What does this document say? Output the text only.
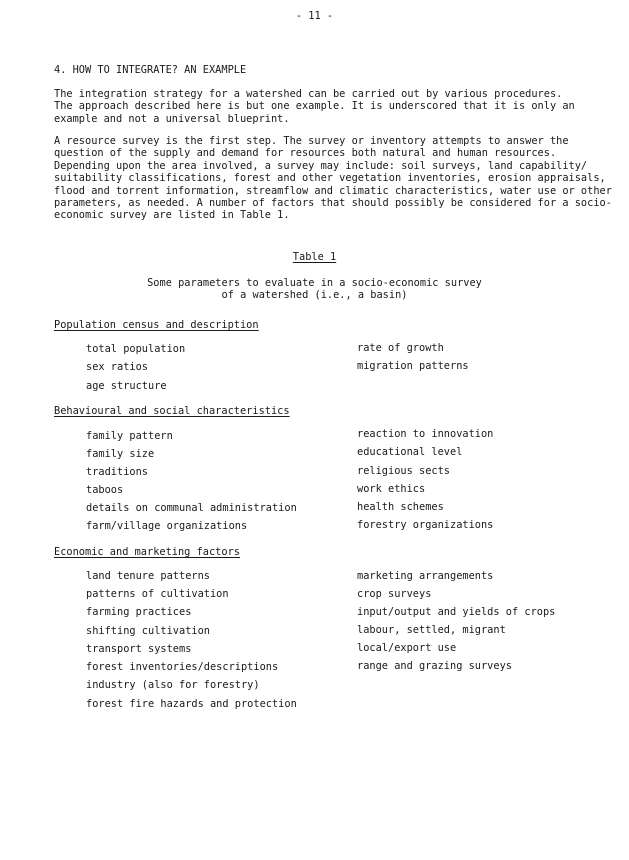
- 11 -
4. HOW TO INTEGRATE? AN EXAMPLE
The integration strategy for a watershed can be carried out by various procedures.
The approach described here is but one example. It is underscored that it is only an
example and not a universal blueprint.
A resource survey is the first step. The survey or inventory attempts to answer the
question of the supply and demand for resources both natural and human resources.
Depending upon the area involved, a survey may include: soil surveys, land capability/
suitability classifications, forest and other vegetation inventories, erosion appraisals,
flood and torrent information, streamflow and climatic characteristics, water use or other
parameters, as needed. A number of factors that should possibly be considered for a socio-
economic survey are listed in Table 1.
Table 1
Some parameters to evaluate in a socio-economic survey
of a watershed (i.e., a basin)
Population census and description
total population
sex ratios
age structure
rate of growth
migration patterns
Behavioural and social characteristics
family pattern
family size
traditions
taboos
details on communal administration
farm/village organizations
reaction to innovation
educational level
religious sects
work ethics
health schemes
forestry organizations
Economic and marketing factors
land tenure patterns
patterns of cultivation
farming practices
shifting cultivation
transport systems
forest inventories/descriptions
industry (also for forestry)
forest fire hazards and protection
marketing arrangements
crop surveys
input/output and yields of crops
labour, settled, migrant
local/export use
range and grazing surveys
